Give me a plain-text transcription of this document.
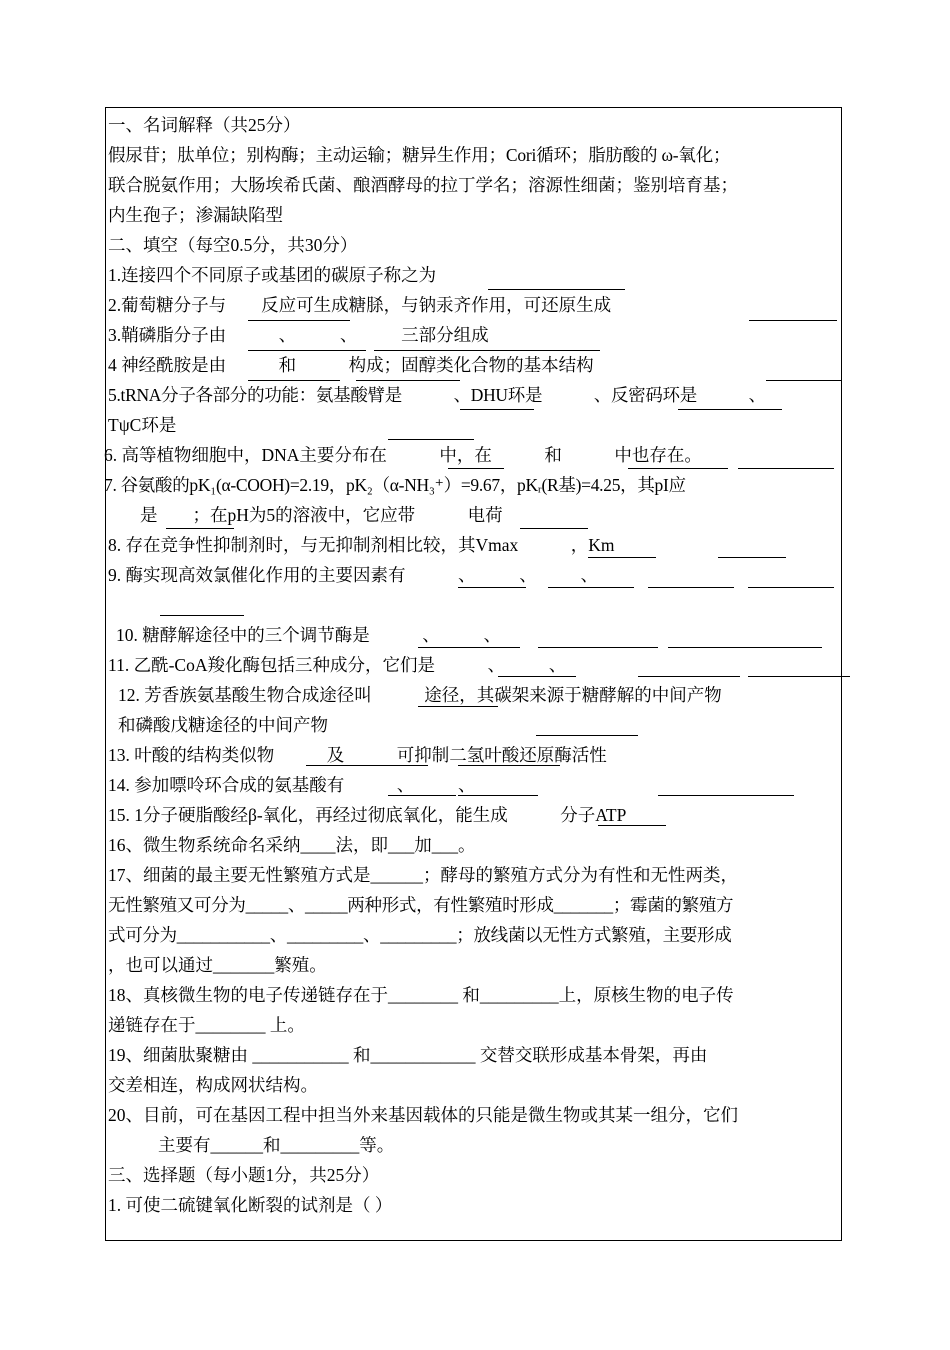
一、名词解释（共25分）
假尿苷；肽单位；别构酶；主动运输；糖异生作用；Cori循环；脂肪酸的 ω-氧化；
联合脱氨作用；大肠埃希氏菌、酿酒酵母的拉丁学名；溶源性细菌；鉴别培育基；
内生孢子；渗漏缺陷型
二、填空（每空0.5分，共30分）
1.连接四个不同原子或基团的碳原子称之为
2.葡萄糖分子与　　反应可生成糖脎，与钠汞齐作用，可还原生成
3.鞘磷脂分子由　　　、　　　、　　　三部分组成
4 神经酰胺是由　　　和　　　构成；固醇类化合物的基本结构
5.tRNA分子各部分的功能：氨基酸臂是　　　、DHU环是　　　、反密码环是　　　、
TψC环是
6. 高等植物细胞中，DNA主要分布在　　　中，在　　　和　　　中也存在。
7. 谷氨酸的pK₁(α-COOH)=2.19，pK₂（α-NH₃⁺）=9.67，pKᵣ(R基)=4.25，其pI应
是　　；在pH为5的溶液中，它应带　　　电荷
8. 存在竞争性抑制剂时，与无抑制剂相比较，其Vmax　　　，Km
9. 酶实现高效氯催化作用的主要因素有　　　、　　　、　　　、　　　
10. 糖酵解途径中的三个调节酶是　　　、　　　、
11. 乙酰-CoA羧化酶包括三种成分，它们是　　　、　　　、
12. 芳香族氨基酸生物合成途径叫　　　途径，其碳架来源于糖酵解的中间产物
和磷酸戊糖途径的中间产物
13. 叶酸的结构类似物　　　及　　　可抑制二氢叶酸还原酶活性
14. 参加嘌呤环合成的氨基酸有　　　、　　　、
15. 1分子硬脂酸经β-氧化，再经过彻底氧化，能生成　　　分子ATP
16、微生物系统命名采纳____法，即___加___。
17、细菌的最主要无性繁殖方式是______；酵母的繁殖方式分为有性和无性两类，
无性繁殖又可分为_____、_____两种形式，有性繁殖时形成_______；霉菌的繁殖方
式可分为___________、_________、_________；放线菌以无性方式繁殖，主要形成
，也可以通过_______繁殖。
18、真核微生物的电子传递链存在于________ 和_________上，原核生物的电子传
递链存在于________ 上。
19、细菌肽聚糖由 ___________ 和____________ 交替交联形成基本骨架，再由
交差相连，构成网状结构。
20、目前，可在基因工程中担当外来基因载体的只能是微生物或其某一组分，它们
主要有______和_________等。
三、选择题（每小题1分，共25分）
1. 可使二硫键氧化断裂的试剂是（ ）
